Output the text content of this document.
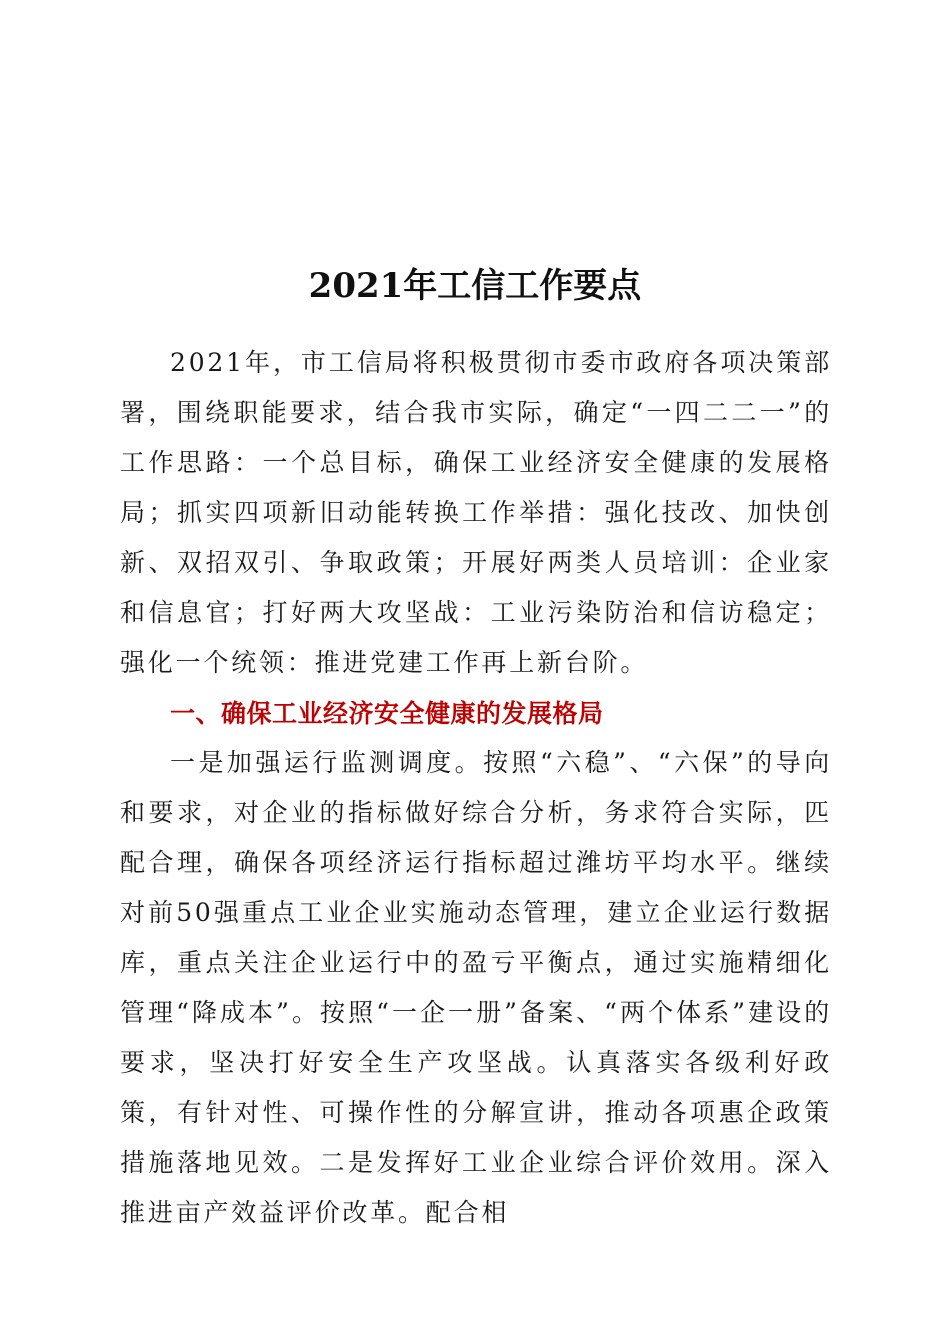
2021年工信工作要点

2021年，市工信局将积极贯彻市委市政府各项决策部署，围绕职能要求，结合我市实际，确定“一四二二一”的工作思路：一个总目标，确保工业经济安全健康的发展格局；抓实四项新旧动能转换工作举措：强化技改、加快创新、双招双引、争取政策；开展好两类人员培训：企业家和信息官；打好两大攻坚战：工业污染防治和信访稳定；强化一个统领：推进党建工作再上新台阶。

一、确保工业经济安全健康的发展格局

一是加强运行监测调度。按照“六稳”、“六保”的导向和要求，对企业的指标做好综合分析，务求符合实际，匹配合理，确保各项经济运行指标超过潍坊平均水平。继续对前50强重点工业企业实施动态管理，建立企业运行数据库，重点关注企业运行中的盈亏平衡点，通过实施精细化管理“降成本”。按照“一企一册”备案、“两个体系”建设的要求，坚决打好安全生产攻坚战。认真落实各级利好政策，有针对性、可操作性的分解宣讲，推动各项惠企政策措施落地见效。二是发挥好工业企业综合评价效用。深入推进亩产效益评价改革。配合相
